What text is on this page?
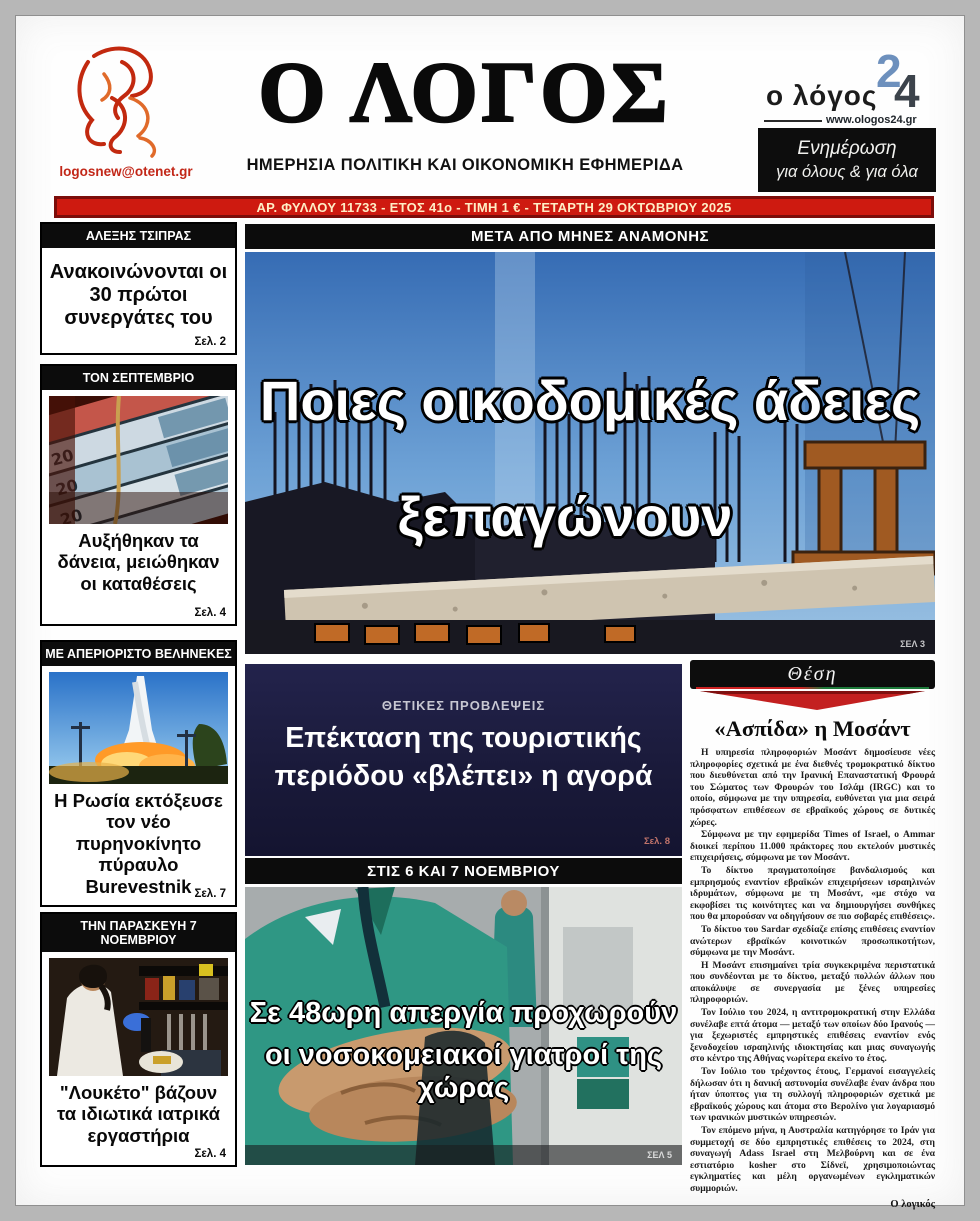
logosnew@otenet.gr
Ο ΛΟΓΟΣ
ΗΜΕΡΗΣΙΑ ΠΟΛΙΤΙΚΗ ΚΑΙ ΟΙΚΟΝΟΜΙΚΗ ΕΦΗΜΕΡΙΔΑ
ο λόγος
2
4
www.ologos24.gr
Ενημέρωση
για όλους & για όλα
ΑΡ. ΦΥΛΛΟΥ 11733 - ΕΤΟΣ 41ο - ΤΙΜΗ 1 € - ΤΕΤΑΡΤΗ 29 ΟΚΤΩΒΡΙΟΥ 2025
ΑΛΕΞΗΣ ΤΣΙΠΡΑΣ
Ανακοινώνονται οι 30 πρώτοι συνεργάτες του
Σελ. 2
ΤΟΝ ΣΕΠΤΕΜΒΡΙΟ
Αυξήθηκαν τα δάνεια, μειώθηκαν οι καταθέσεις
Σελ. 4
ΜΕ ΑΠΕΡΙΟΡΙΣΤΟ ΒΕΛΗΝΕΚΕΣ
Η Ρωσία εκτόξευσε τον νέο πυρηνοκίνητο πύραυλο Burevestnik Σελ. 7
ΤΗΝ ΠΑΡΑΣΚΕΥΗ 7 ΝΟΕΜΒΡΙΟΥ
"Λουκέτο" βάζουν τα ιδιωτικά ιατρικά εργαστήρια
Σελ. 4
ΜΕΤΑ ΑΠΟ ΜΗΝΕΣ ΑΝΑΜΟΝΗΣ
Ποιες οικοδομικές άδειες
ξεπαγώνουν
ΣΕΛ 3
ΘΕΤΙΚΕΣ ΠΡΟΒΛΕΨΕΙΣ
Επέκταση της τουριστικής
περιόδου «βλέπει» η αγορά
Σελ. 8
ΣΤΙΣ 6 ΚΑΙ 7 ΝΟΕΜΒΡΙΟΥ
Σε 48ωρη απεργία προχωρούν
οι νοσοκομειακοί γιατροί της χώρας
ΣΕΛ 5
Θέση
«Ασπίδα» η Μοσάντ

Η υπηρεσία πληροφοριών Μοσάντ δημοσίευσε νέες πληροφορίες σχετικά με ένα διεθνές τρομοκρατικό δίκτυο που διευθύνεται από την Ιρανική Επαναστατική Φρουρά του Σώματος των Φρουρών του Ισλάμ (IRGC) και το οποίο, σύμφωνα με την υπηρεσία, ευθύνεται για μια σειρά πρόσφατων επιθέσεων σε εβραϊκούς χώρους σε δυτικές χώρες.

Σύμφωνα με την εφημερίδα Times of Israel, ο Ammar διοικεί περίπου 11.000 πράκτορες που εκτελούν μυστικές επιχειρήσεις, σύμφωνα με τον Μοσάντ.

Το δίκτυο πραγματοποίησε βανδαλισμούς και εμπρησμούς εναντίον εβραϊκών επιχειρήσεων ισραηλινών ιδρυμάτων, σύμφωνα με τη Μοσάντ, «με στόχο να εκφοβίσει τις κοινότητες και να δημιουργήσει συνθήκες που θα μπορούσαν να οδηγήσουν σε πιο σοβαρές επιθέσεις».

Το δίκτυο του Sardar σχεδίαζε επίσης επιθέσεις εναντίον ανώτερων εβραϊκών κοινοτικών προσωπικοτήτων, σύμφωνα με την Μοσάντ.

Η Μοσάντ επισημαίνει τρία συγκεκριμένα περιστατικά που συνδέονται με το δίκτυο, μεταξύ πολλών άλλων που αποκάλυψε σε συνεργασία με ξένες υπηρεσίες πληροφοριών.

Τον Ιούλιο του 2024, η αντιτρομοκρατική στην Ελλάδα συνέλαβε επτά άτομα — μεταξύ των οποίων δύο Ιρανούς — για ξεχωριστές εμπρηστικές επιθέσεις εναντίον ενός ξενοδοχείου ισραηλινής ιδιοκτησίας και μιας συναγωγής στο κέντρο της Αθήνας νωρίτερα εκείνο το έτος.

Τον Ιούλιο του τρέχοντος έτους, Γερμανοί εισαγγελείς δήλωσαν ότι η δανική αστυνομία συνέλαβε έναν άνδρα που ήταν ύποπτος για τη συλλογή πληροφοριών σχετικά με εβραϊκούς χώρους και άτομα στο Βερολίνο για λογαριασμό των ιρανικών μυστικών υπηρεσιών.

Τον επόμενο μήνα, η Αυστραλία κατηγόρησε το Ιράν για συμμετοχή σε δύο εμπρηστικές επιθέσεις το 2024, στη συναγωγή Adass Israel στη Μελβούρνη και σε ένα εστιατόριο kosher στο Σίδνεϊ, χρησιμοποιώντας εγκληματίες και μέλη οργανωμένων εγκληματικών συμμοριών.

Ο λογικός
